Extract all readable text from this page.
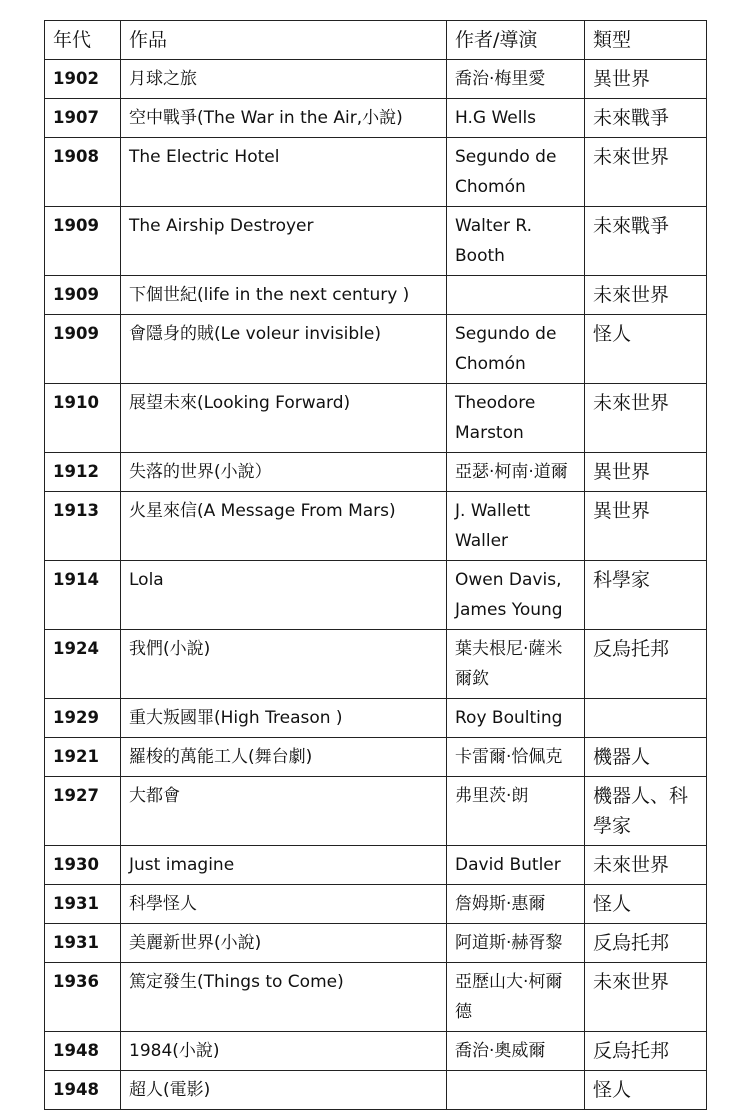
年代	作品	作者/導演	類型
1902	月球之旅	喬治·梅里愛	異世界
1907	空中戰爭(The War in the Air,小說)	H.G Wells	未來戰爭
1908	The Electric Hotel	Segundo de Chomón	未來世界
1909	The Airship Destroyer	Walter R. Booth	未來戰爭
1909	下個世紀(life in the next century )		未來世界
1909	會隱身的賊(Le voleur invisible)	Segundo de Chomón	怪人
1910	展望未來(Looking Forward)	Theodore Marston	未來世界
1912	失落的世界(小說）	亞瑟·柯南·道爾	異世界
1913	火星來信(A Message From Mars)	J. Wallett Waller	異世界
1914	Lola	Owen Davis, James Young	科學家
1924	我們(小說)	葉夫根尼·薩米爾欽	反烏托邦
1929	重大叛國罪(High Treason )	Roy Boulting	
1921	羅梭的萬能工人(舞台劇)	卡雷爾·恰佩克	機器人
1927	大都會	弗里茨·朗	機器人、科學家
1930	Just imagine	David Butler	未來世界
1931	科學怪人	詹姆斯·惠爾	怪人
1931	美麗新世界(小說)	阿道斯·赫胥黎	反烏托邦
1936	篤定發生(Things to Come)	亞歷山大·柯爾德	未來世界
1948	1984(小說)	喬治·奧威爾	反烏托邦
1948	超人(電影)		怪人
